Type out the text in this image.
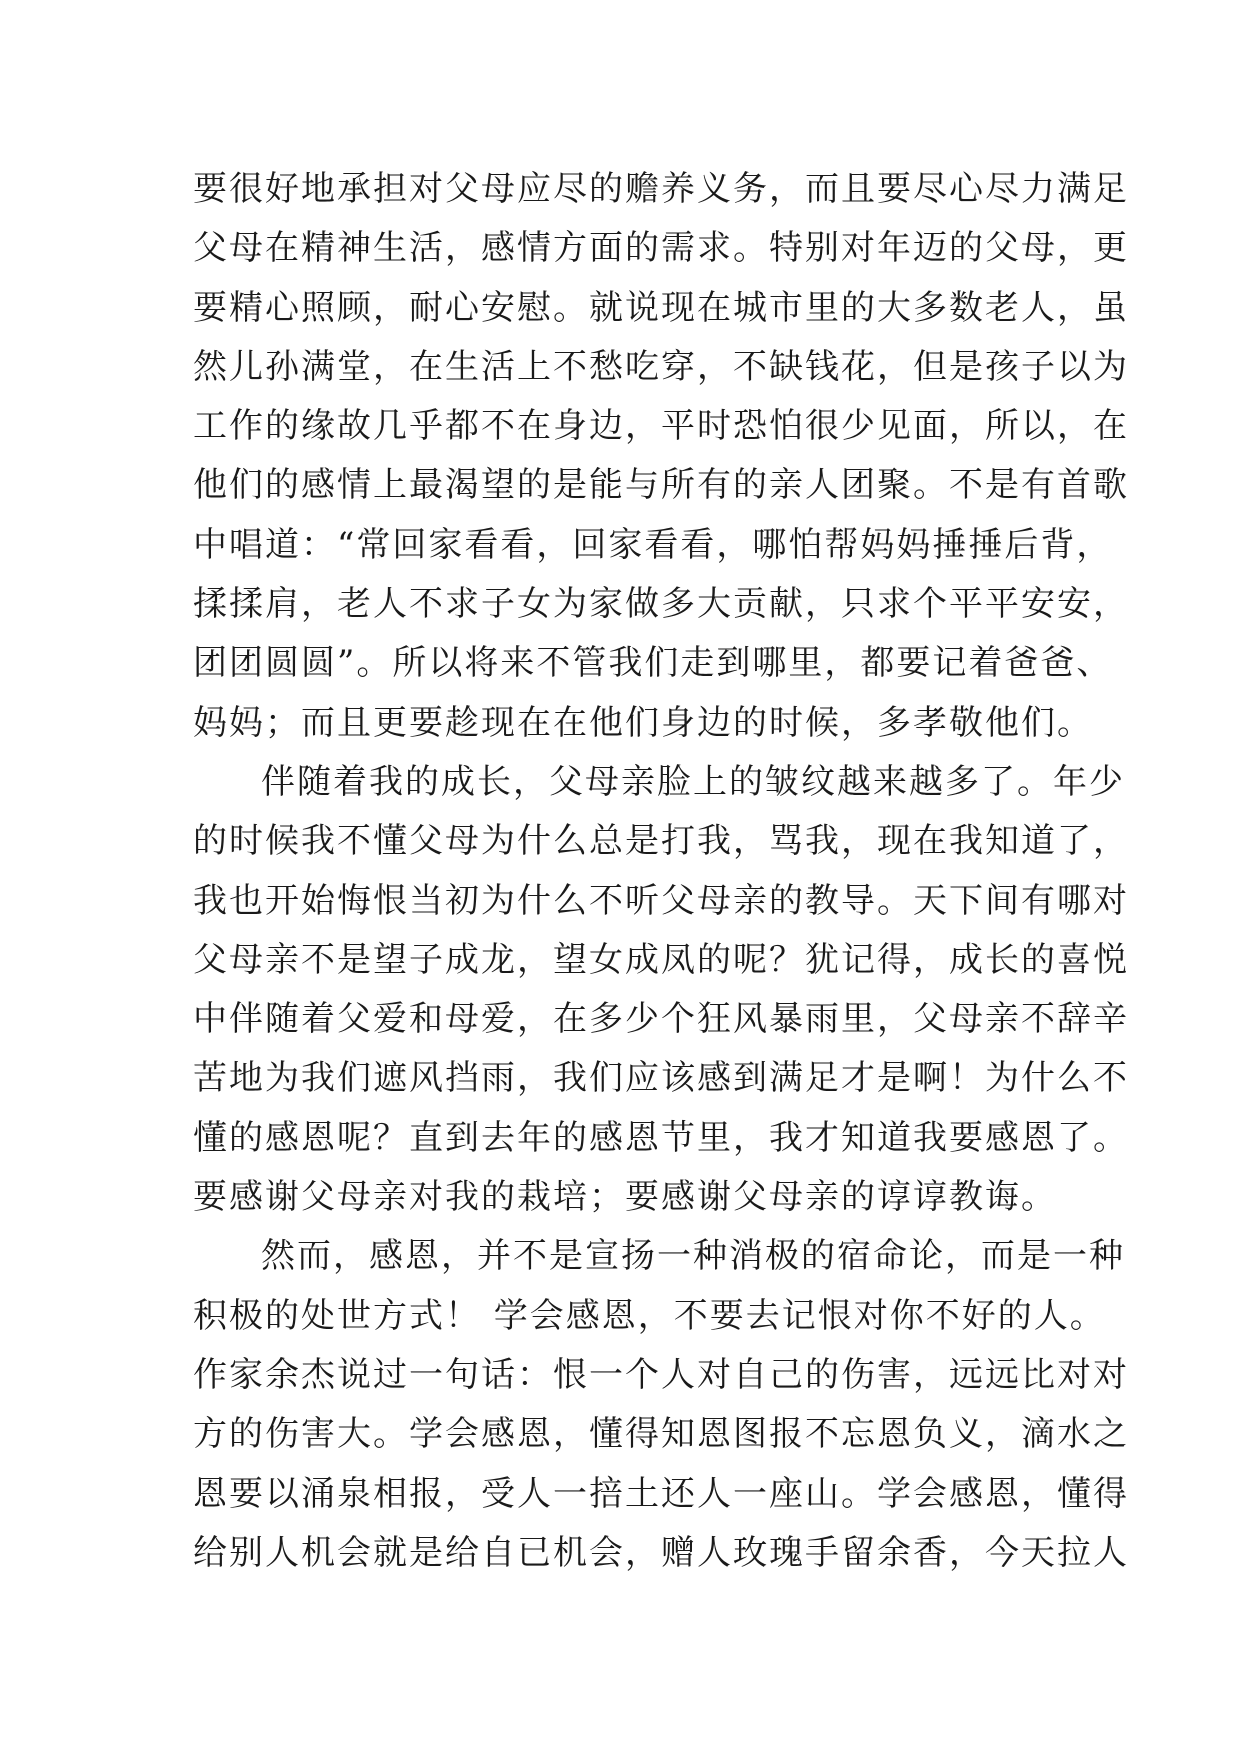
要很好地承担对父母应尽的赡养义务，而且要尽心尽力满足
父母在精神生活，感情方面的需求。特别对年迈的父母，更
要精心照顾，耐心安慰。就说现在城市里的大多数老人，虽
然儿孙满堂，在生活上不愁吃穿，不缺钱花，但是孩子以为
工作的缘故几乎都不在身边，平时恐怕很少见面，所以，在
他们的感情上最渴望的是能与所有的亲人团聚。不是有首歌
中唱道：“常回家看看，回家看看，哪怕帮妈妈捶捶后背，
揉揉肩，老人不求子女为家做多大贡献，只求个平平安安，
团团圆圆”。所以将来不管我们走到哪里，都要记着爸爸、
妈妈；而且更要趁现在在他们身边的时候，多孝敬他们。
伴随着我的成长，父母亲脸上的皱纹越来越多了。年少
的时候我不懂父母为什么总是打我，骂我，现在我知道了，
我也开始悔恨当初为什么不听父母亲的教导。天下间有哪对
父母亲不是望子成龙，望女成凤的呢？犹记得，成长的喜悦
中伴随着父爱和母爱，在多少个狂风暴雨里，父母亲不辞辛
苦地为我们遮风挡雨，我们应该感到满足才是啊！为什么不
懂的感恩呢？直到去年的感恩节里，我才知道我要感恩了。
要感谢父母亲对我的栽培；要感谢父母亲的谆谆教诲。
然而，感恩，并不是宣扬一种消极的宿命论，而是一种
积极的处世方式！ 学会感恩，不要去记恨对你不好的人。
作家余杰说过一句话：恨一个人对自己的伤害，远远比对对
方的伤害大。学会感恩，懂得知恩图报不忘恩负义，滴水之
恩要以涌泉相报，受人一掊土还人一座山。学会感恩，懂得
给别人机会就是给自已机会，赠人玫瑰手留余香，今天拉人
